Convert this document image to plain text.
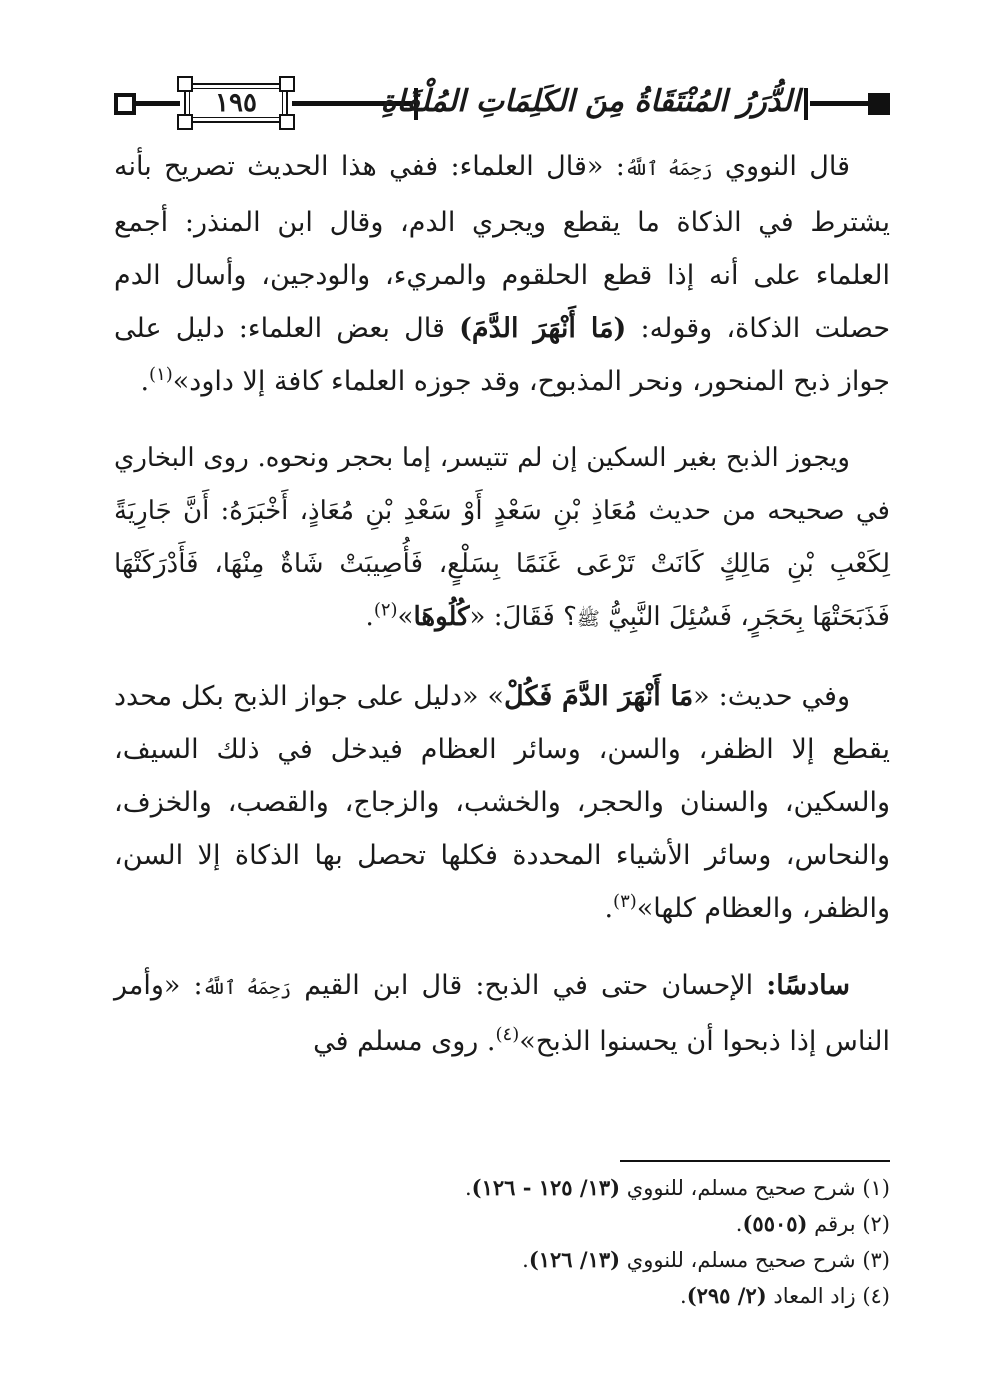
١٩٥	الدُّرَرُ المُنْتَقَاةُ مِنَ الكَلِمَاتِ المُلْقَاةِ

قال النووي رَحِمَهُ ٱللَّهُ: «قال العلماء: ففي هذا الحديث تصريح بأنه يشترط في الذكاة ما يقطع ويجري الدم، وقال ابن المنذر: أجمع العلماء على أنه إذا قطع الحلقوم والمريء، والودجين، وأسال الدم حصلت الذكاة، وقوله: (مَا أَنْهَرَ الدَّمَ) قال بعض العلماء: دليل على جواز ذبح المنحور، ونحر المذبوح، وقد جوزه العلماء كافة إلا داود»$^{(١)}$.

ويجوز الذبح بغير السكين إن لم تتيسر، إما بحجر ونحوه. روى البخاري في صحيحه من حديث مُعَاذِ بْنِ سَعْدٍ أَوْ سَعْدِ بْنِ مُعَاذٍ، أَخْبَرَهُ: أَنَّ جَارِيَةً لِكَعْبِ بْنِ مَالِكٍ كَانَتْ تَرْعَى غَنَمًا بِسَلْعٍ، فَأُصِيبَتْ شَاةٌ مِنْهَا، فَأَدْرَكَتْهَا فَذَبَحَتْهَا بِحَجَرٍ، فَسُئِلَ النَّبِيُّ ﷺ؟ فَقَالَ: «كُلُوهَا»$^{(٢)}$.

وفي حديث: «مَا أَنْهَرَ الدَّمَ فَكُلْ» «دليل على جواز الذبح بكل محدد يقطع إلا الظفر، والسن، وسائر العظام فيدخل في ذلك السيف، والسكين، والسنان والحجر، والخشب، والزجاج، والقصب، والخزف، والنحاس، وسائر الأشياء المحددة فكلها تحصل بها الذكاة إلا السن، والظفر، والعظام كلها»$^{(٣)}$.

سادسًا: الإحسان حتى في الذبح: قال ابن القيم رَحِمَهُ ٱللَّهُ: «وأمر الناس إذا ذبحوا أن يحسنوا الذبح»$^{(٤)}$. روى مسلم في

(١) شرح صحيح مسلم، للنووي (١٣/ ١٢٥ - ١٢٦).

(٢) برقم (٥٥٠٥).

(٣) شرح صحيح مسلم، للنووي (١٣/ ١٢٦).

(٤) زاد المعاد (٢/ ٢٩٥).
